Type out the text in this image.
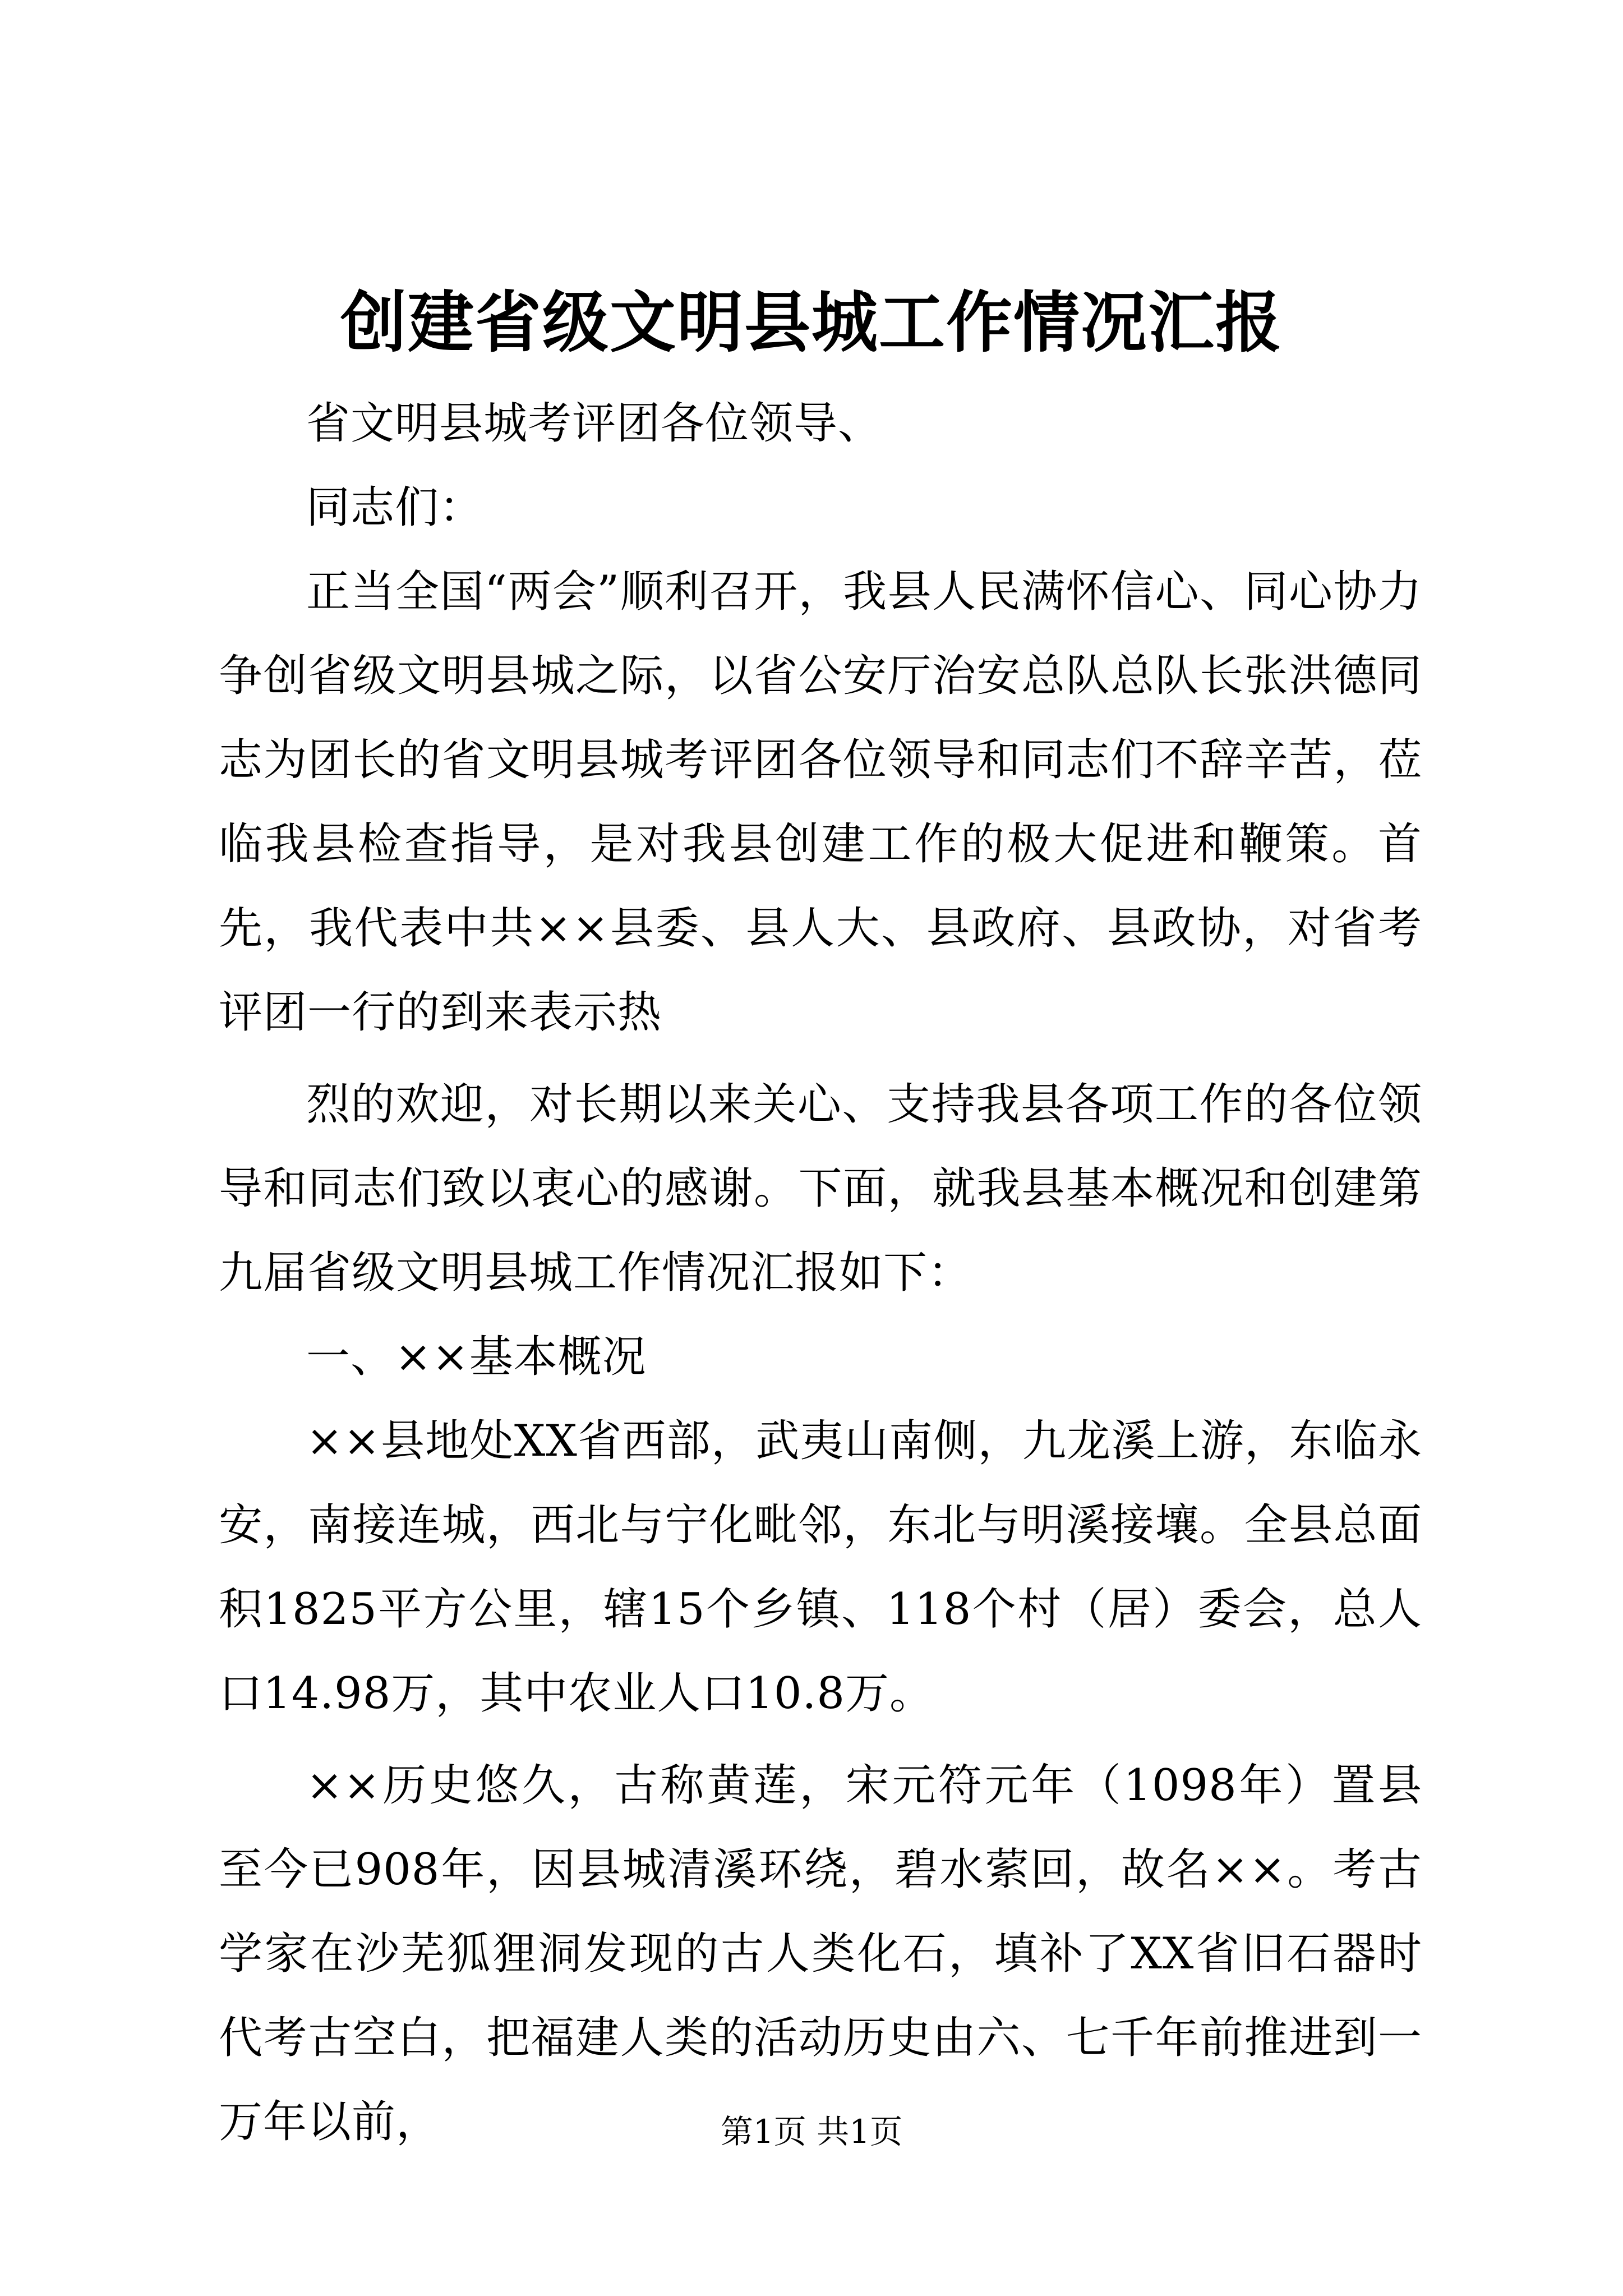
创建省级文明县城工作情况汇报

省文明县城考评团各位领导、

同志们：

正当全国“两会”顺利召开，我县人民满怀信心、同心协力争创省级文明县城之际，以省公安厅治安总队总队长张洪德同志为团长的省文明县城考评团各位领导和同志们不辞辛苦，莅临我县检查指导，是对我县创建工作的极大促进和鞭策。首先，我代表中共××县委、县人大、县政府、县政协，对省考评团一行的到来表示热

烈的欢迎，对长期以来关心、支持我县各项工作的各位领导和同志们致以衷心的感谢。下面，就我县基本概况和创建第九届省级文明县城工作情况汇报如下：

一、××基本概况

××县地处XX省西部，武夷山南侧，九龙溪上游，东临永安，南接连城，西北与宁化毗邻，东北与明溪接壤。全县总面积1825平方公里，辖15个乡镇、118个村（居）委会，总人口14.98万，其中农业人口10.8万。

××历史悠久，古称黄莲，宋元符元年（1098年）置县至今已908年，因县城清溪环绕，碧水萦回，故名××。考古学家在沙芜狐狸洞发现的古人类化石，填补了XX省旧石器时代考古空白，把福建人类的活动历史由六、七千年前推进到一万年以前，	第1页 共1页
